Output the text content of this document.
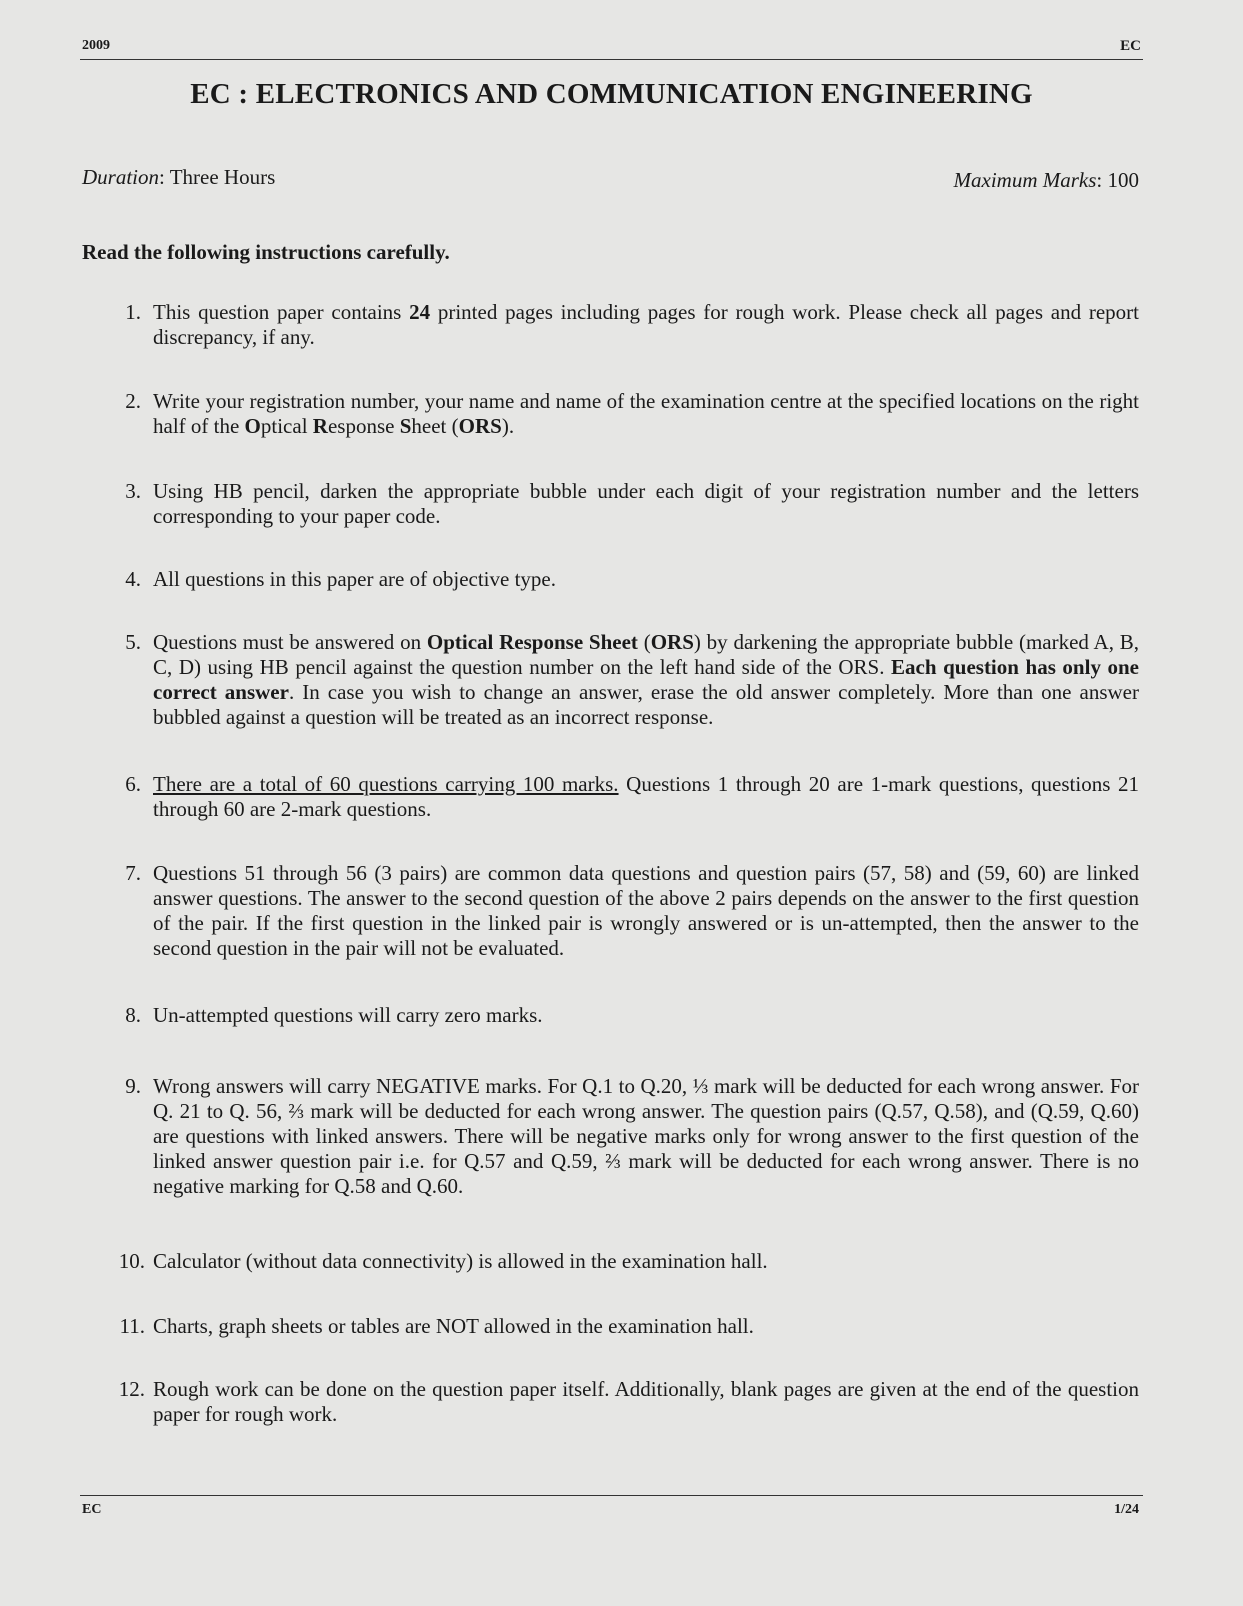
2009	EC
EC : ELECTRONICS AND COMMUNICATION ENGINEERING
Duration: Three Hours	Maximum Marks: 100
Read the following instructions carefully.
1. This question paper contains 24 printed pages including pages for rough work. Please check all pages and report discrepancy, if any.
2. Write your registration number, your name and name of the examination centre at the specified locations on the right half of the Optical Response Sheet (ORS).
3. Using HB pencil, darken the appropriate bubble under each digit of your registration number and the letters corresponding to your paper code.
4. All questions in this paper are of objective type.
5. Questions must be answered on Optical Response Sheet (ORS) by darkening the appropriate bubble (marked A, B, C, D) using HB pencil against the question number on the left hand side of the ORS. Each question has only one correct answer. In case you wish to change an answer, erase the old answer completely. More than one answer bubbled against a question will be treated as an incorrect response.
6. There are a total of 60 questions carrying 100 marks. Questions 1 through 20 are 1-mark questions, questions 21 through 60 are 2-mark questions.
7. Questions 51 through 56 (3 pairs) are common data questions and question pairs (57, 58) and (59, 60) are linked answer questions. The answer to the second question of the above 2 pairs depends on the answer to the first question of the pair. If the first question in the linked pair is wrongly answered or is un-attempted, then the answer to the second question in the pair will not be evaluated.
8. Un-attempted questions will carry zero marks.
9. Wrong answers will carry NEGATIVE marks. For Q.1 to Q.20, ⅓ mark will be deducted for each wrong answer. For Q. 21 to Q. 56, ⅔ mark will be deducted for each wrong answer. The question pairs (Q.57, Q.58), and (Q.59, Q.60) are questions with linked answers. There will be negative marks only for wrong answer to the first question of the linked answer question pair i.e. for Q.57 and Q.59, ⅔ mark will be deducted for each wrong answer. There is no negative marking for Q.58 and Q.60.
10. Calculator (without data connectivity) is allowed in the examination hall.
11. Charts, graph sheets or tables are NOT allowed in the examination hall.
12. Rough work can be done on the question paper itself. Additionally, blank pages are given at the end of the question paper for rough work.
EC	1/24
